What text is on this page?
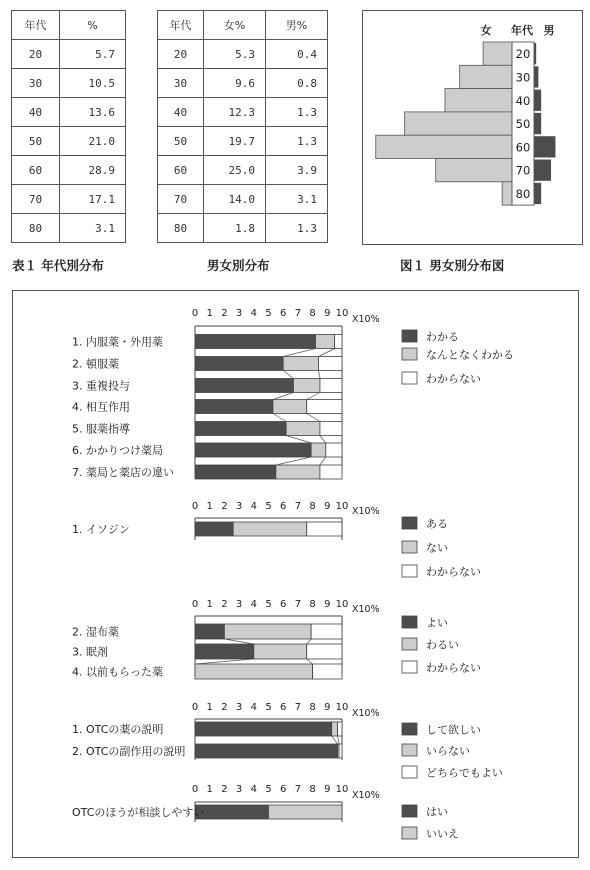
年代	%
20	5.7
30	10.5
40	13.6
50	21.0
60	28.9
70	17.1
80	3.1
年代	女%	男%
20	5.3	0.4
30	9.6	0.8
40	12.3	1.3
50	19.7	1.3
60	25.0	3.9
70	14.0	3.1
80	1.8	1.3
表１ 年代別分布	男女別分布	図１ 男女別分布図
女 年代 男
20
30
40
50
60
70
80
0 1 2 3 4 5 6 7 8 9 10
X10%
1. 内服薬・外用薬
2. 頓服薬
3. 重複投与
4. 相互作用
5. 服薬指導
6. かかりつけ薬局
7. 薬局と薬店の違い
わかる
なんとなくわかる
わからない
0 1 2 3 4 5 6 7 8 9 10 X10%
1. イソジン	ある
ない
わからない
0 1 2 3 4 5 6 7 8 9 10 X10%
2. 湿布薬
3. 眠剤
4. 以前もらった薬
よい
わるい
わからない
0 1 2 3 4 5 6 7 8 9 10
X10%
1. OTCの薬の説明
2. OTCの副作用の説明
して欲しい
いらない
どちらでもよい
0 1 2 3 4 5 6 7 8 9 10
X10%
OTCのほうが相談しやすい	はい
いいえ
